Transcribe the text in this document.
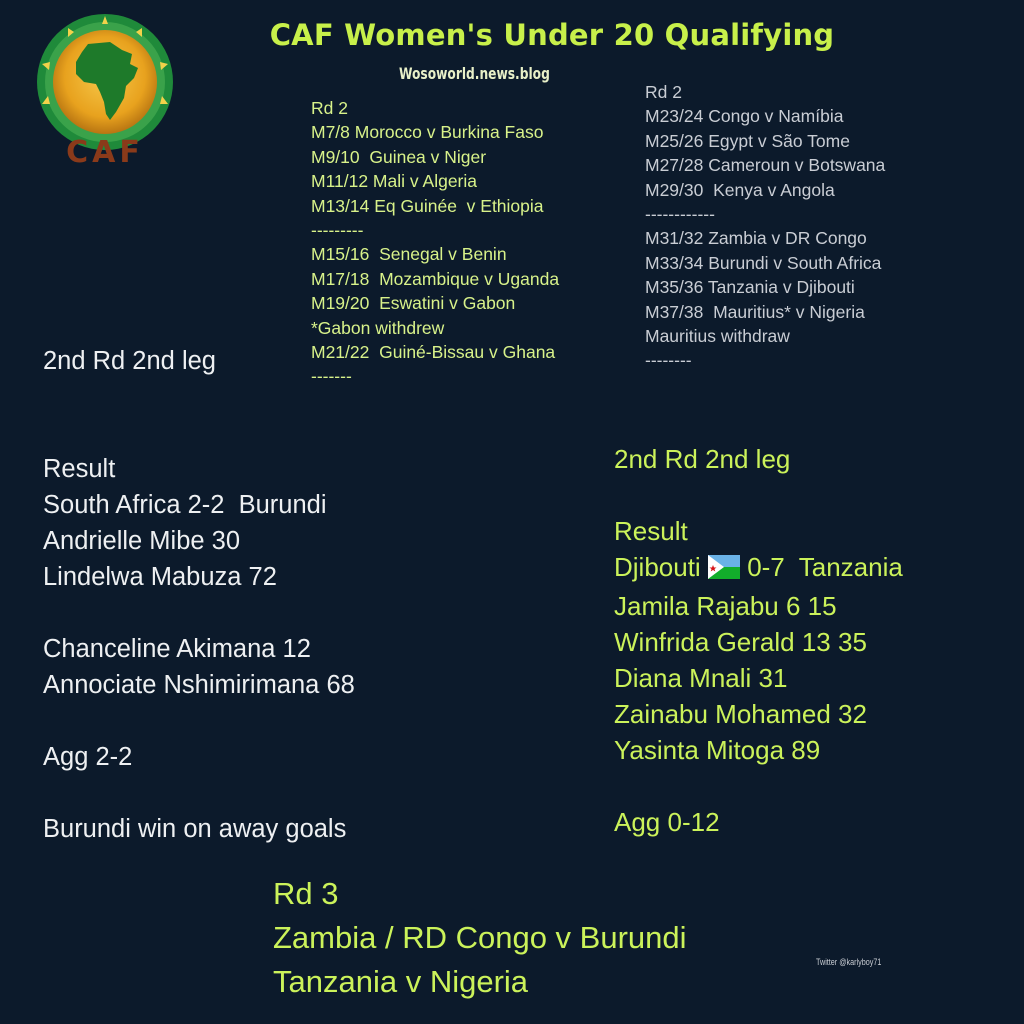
CAF
CAF Women's Under 20 Qualifying
Wosoworld.news.blog
Rd 2
M7/8 Morocco v Burkina Faso
M9/10  Guinea v Niger
M11/12 Mali v Algeria
M13/14 Eq Guinée  v Ethiopia
---------
M15/16  Senegal v Benin
M17/18  Mozambique v Uganda
M19/20  Eswatini v Gabon
*Gabon withdrew
M21/22  Guiné-Bissau v Ghana
-------
Rd 2
M23/24 Congo v Namíbia
M25/26 Egypt v São Tome
M27/28 Cameroun v Botswana
M29/30  Kenya v Angola
------------
M31/32 Zambia v DR Congo
M33/34 Burundi v South Africa
M35/36 Tanzania v Djibouti
M37/38  Mauritius* v Nigeria
Mauritius withdraw
--------
2nd Rd 2nd leg
Result
South Africa 2-2  Burundi
Andrielle Mibe 30
Lindelwa Mabuza 72
Chanceline Akimana 12
Annociate Nshimirimana 68
Agg 2-2
Burundi win on away goals
2nd Rd 2nd leg
Result
Djibouti 0-7  Tanzania
Jamila Rajabu 6 15
Winfrida Gerald 13 35
Diana Mnali 31
Zainabu Mohamed 32
Yasinta Mitoga 89
Agg 0-12
Rd 3
Zambia / RD Congo v Burundi
Tanzania v Nigeria
Twitter @karlyboy71
